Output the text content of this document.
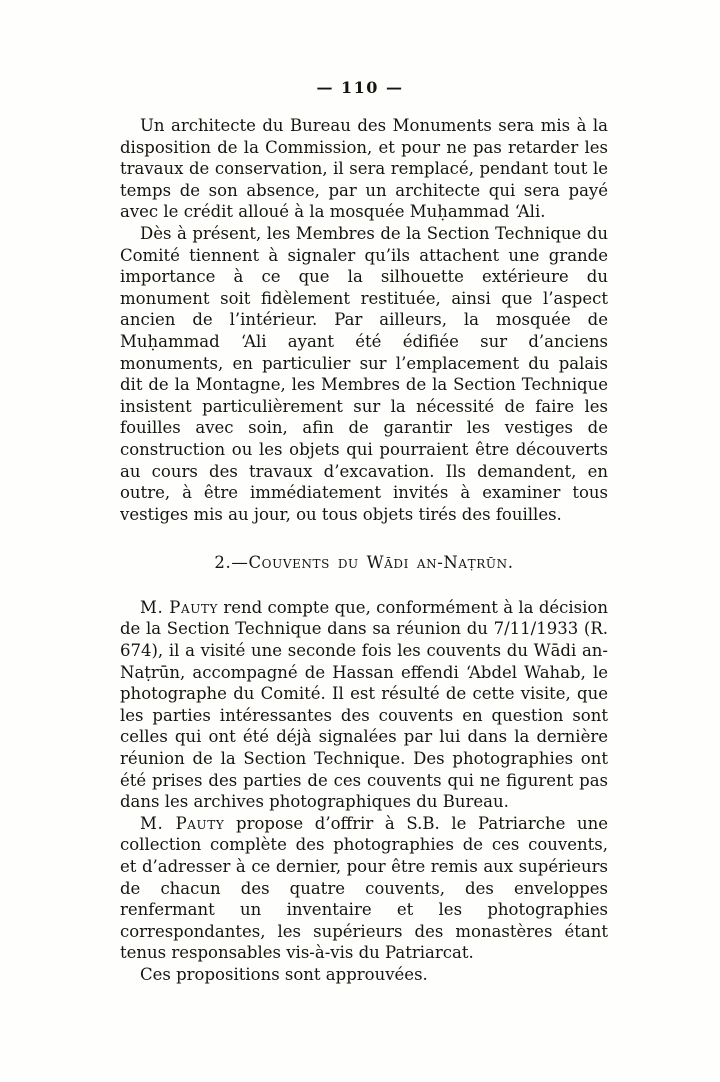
— 110 —

Un architecte du Bureau des Monuments sera mis à la disposition de la Commission, et pour ne pas retarder les travaux de conservation, il sera remplacé, pendant tout le temps de son absence, par un architecte qui sera payé avec le crédit alloué à la mosquée Muḥammad ‘Ali.

Dès à présent, les Membres de la Section Technique du Comité tiennent à signaler qu’ils attachent une grande importance à ce que la silhouette extérieure du monument soit fidèlement restituée, ainsi que l’aspect ancien de l’intérieur. Par ailleurs, la mosquée de Muḥammad ‘Ali ayant été édifiée sur d’anciens monuments, en particulier sur l’emplacement du palais dit de la Montagne, les Membres de la Section Technique insistent particulièrement sur la nécessité de faire les fouilles avec soin, afin de garantir les vestiges de construction ou les objets qui pourraient être découverts au cours des travaux d’excavation. Ils demandent, en outre, à être immédiatement invités à examiner tous vestiges mis au jour, ou tous objets tirés des fouilles.

2.—Couvents du Wādi an-Naṭrūn.

M. Pauty rend compte que, conformément à la décision de la Section Technique dans sa réunion du 7/11/1933 (R. 674), il a visité une seconde fois les couvents du Wādi an-Naṭrūn, accompagné de Hassan effendi ‘Abdel Wahab, le photographe du Comité. Il est résulté de cette visite, que les parties intéressantes des couvents en question sont celles qui ont été déjà signalées par lui dans la dernière réunion de la Section Technique. Des photographies ont été prises des parties de ces couvents qui ne figurent pas dans les archives photographiques du Bureau.

M. Pauty propose d’offrir à S.B. le Patriarche une collection complète des photographies de ces couvents, et d’adresser à ce dernier, pour être remis aux supérieurs de chacun des quatre couvents, des enveloppes renfermant un inventaire et les photographies correspondantes, les supérieurs des monastères étant tenus responsables vis-à-vis du Patriarcat.

Ces propositions sont approuvées.
